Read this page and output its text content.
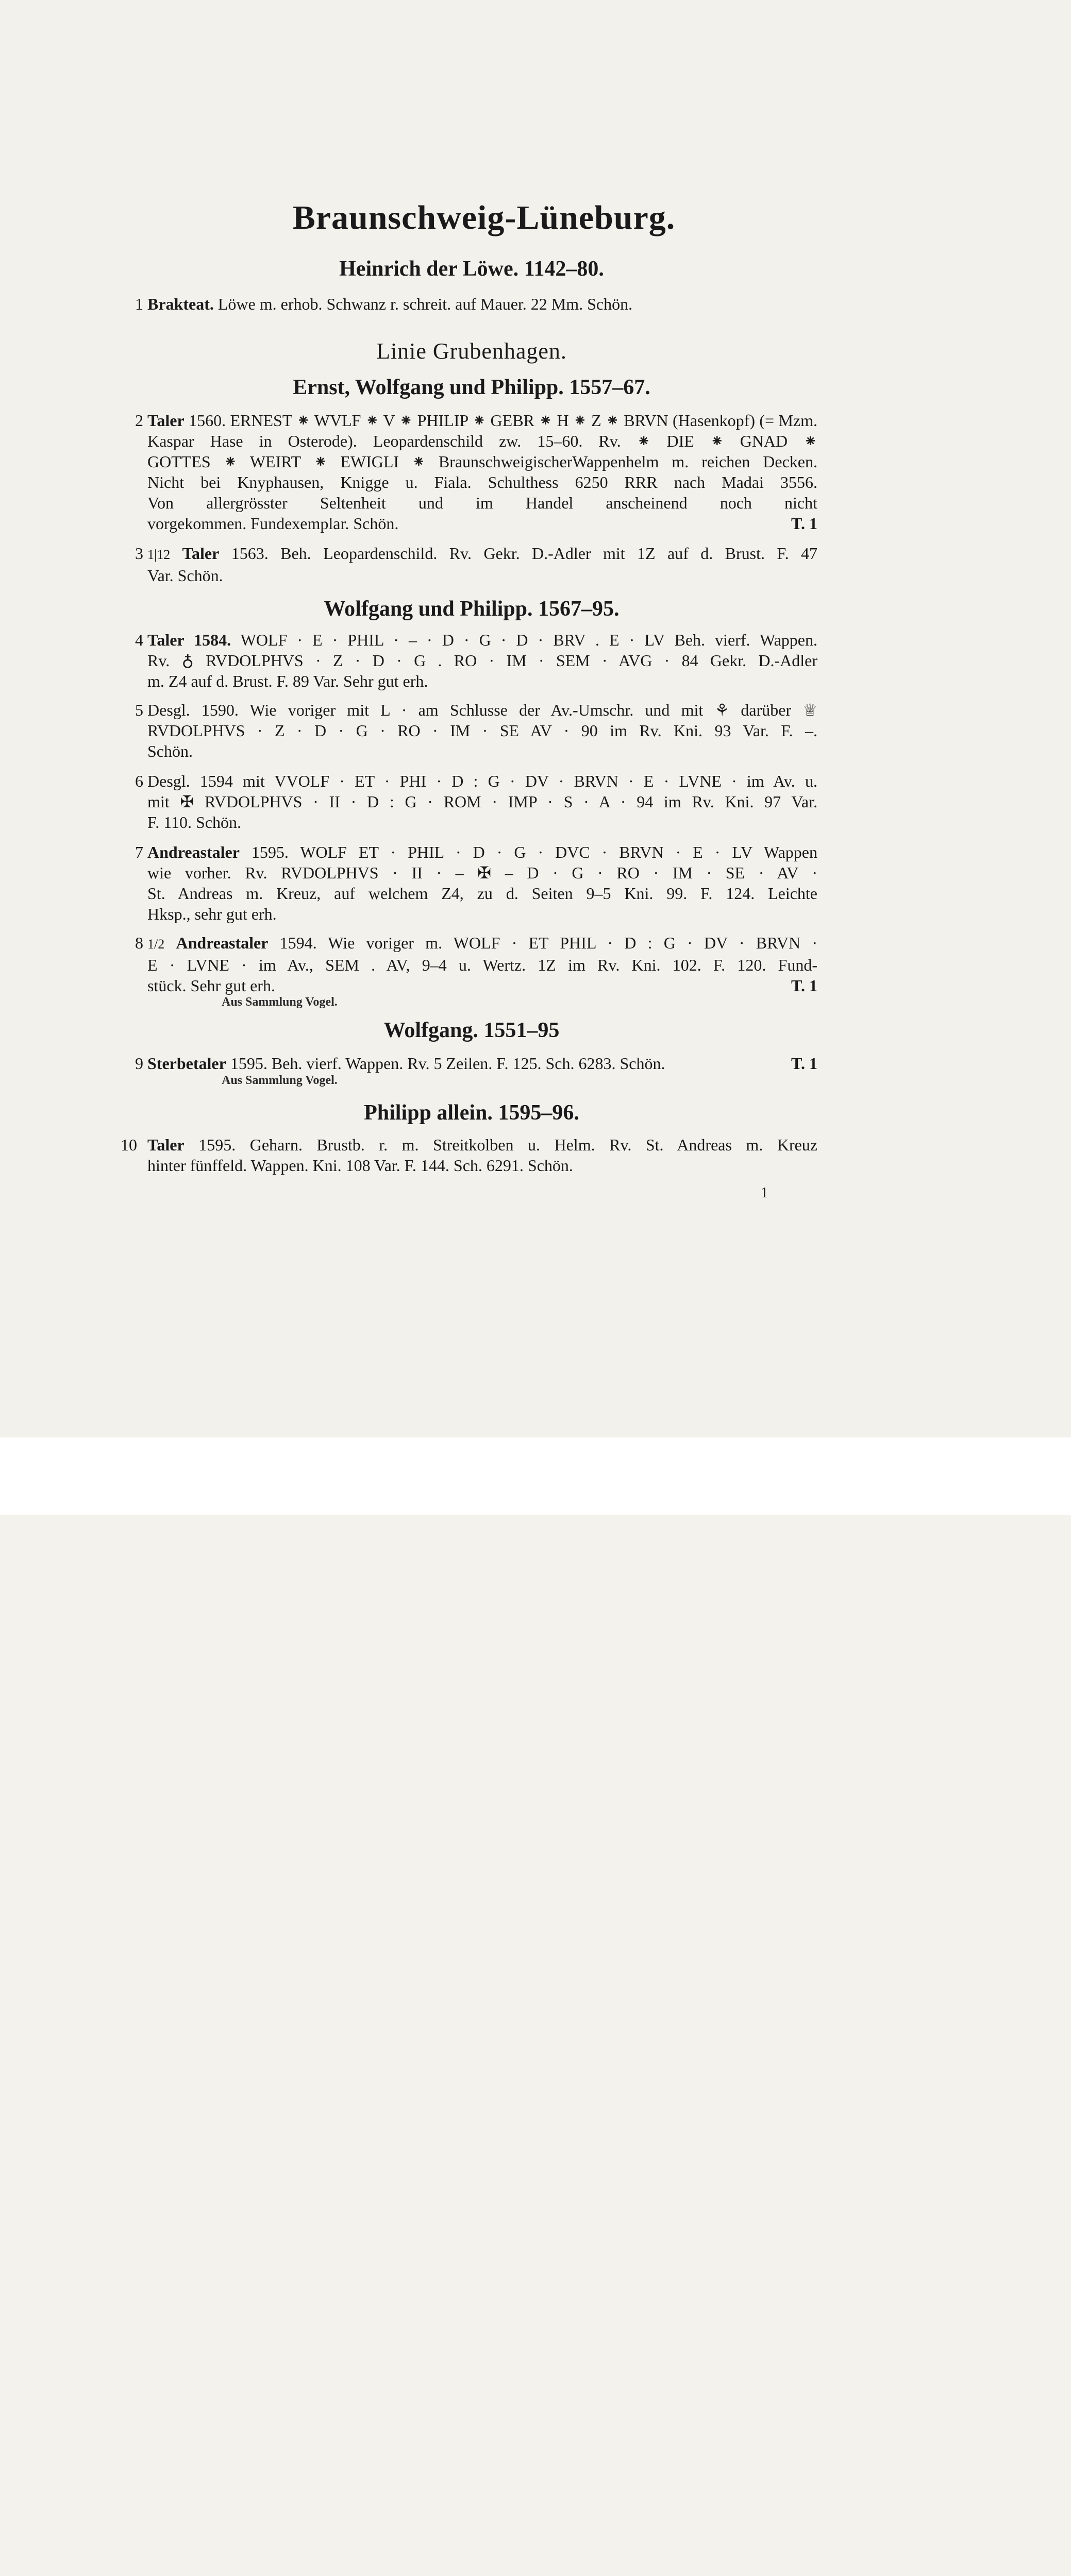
Braunschweig-Lüneburg.
Heinrich der Löwe. 1142–80.
1 Brakteat. Löwe m. erhob. Schwanz r. schreit. auf Mauer. 22 Mm. Schön.
Linie Grubenhagen.
Ernst, Wolfgang und Philipp. 1557–67.
2 Taler 1560. ERNEST ⁕ WVLF ⁕ V ⁕ PHILIP ⁕ GEBR ⁕ H ⁕ Z ⁕ BRVN (Hasenkopf) (= Mzm.
Kaspar Hase in Osterode). Leopardenschild zw. 15–60. Rv. ⁕ DIE ⁕ GNAD ⁕
GOTTES ⁕ WEIRT ⁕ EWIGLI ⁕ BraunschweigischerWappenhelm m. reichen Decken.
Nicht bei Knyphausen, Knigge u. Fiala. Schulthess 6250 RRR nach Madai 3556.
Von allergrösster Seltenheit und im Handel anscheinend noch nicht
vorgekommen. Fundexemplar. Schön.	T. 1
3 1|12 Taler 1563. Beh. Leopardenschild. Rv. Gekr. D.-Adler mit 1Z auf d. Brust. F. 47
Var. Schön.
Wolfgang und Philipp. 1567–95.
4 Taler 1584. WOLF · E · PHIL · – · D · G · D · BRV . E · LV Beh. vierf. Wappen.
Rv. ♁ RVDOLPHVS · Z · D · G . RO · IM · SEM · AVG · 84 Gekr. D.-Adler
m. Z4 auf d. Brust. F. 89 Var. Sehr gut erh.
5 Desgl. 1590. Wie voriger mit L · am Schlusse der Av.-Umschr. und mit ⚘ darüber ♕
RVDOLPHVS · Z · D · G · RO · IM · SE AV · 90 im Rv. Kni. 93 Var. F. –.
Schön.
6 Desgl. 1594 mit VVOLF · ET · PHI · D : G · DV · BRVN · E · LVNE · im Av. u.
mit ✠ RVDOLPHVS · II · D : G · ROM · IMP · S · A · 94 im Rv. Kni. 97 Var.
F. 110. Schön.
7 Andreastaler 1595. WOLF ET · PHIL · D · G · DVC · BRVN · E · LV Wappen
wie vorher. Rv. RVDOLPHVS · II · – ✠ – D · G · RO · IM · SE · AV ·
St. Andreas m. Kreuz, auf welchem Z4, zu d. Seiten 9–5 Kni. 99. F. 124. Leichte
Hksp., sehr gut erh.
8 1/2 Andreastaler 1594. Wie voriger m. WOLF · ET PHIL · D : G · DV · BRVN ·
E · LVNE · im Av., SEM . AV, 9–4 u. Wertz. 1Z im Rv. Kni. 102. F. 120. Fund-
stück. Sehr gut erh.	T. 1
Aus Sammlung Vogel.
Wolfgang. 1551–95
9 Sterbetaler 1595. Beh. vierf. Wappen. Rv. 5 Zeilen. F. 125. Sch. 6283. Schön.	T. 1
Aus Sammlung Vogel.
Philipp allein. 1595–96.
10 Taler 1595. Geharn. Brustb. r. m. Streitkolben u. Helm. Rv. St. Andreas m. Kreuz
hinter fünffeld. Wappen. Kni. 108 Var. F. 144. Sch. 6291. Schön.
1
